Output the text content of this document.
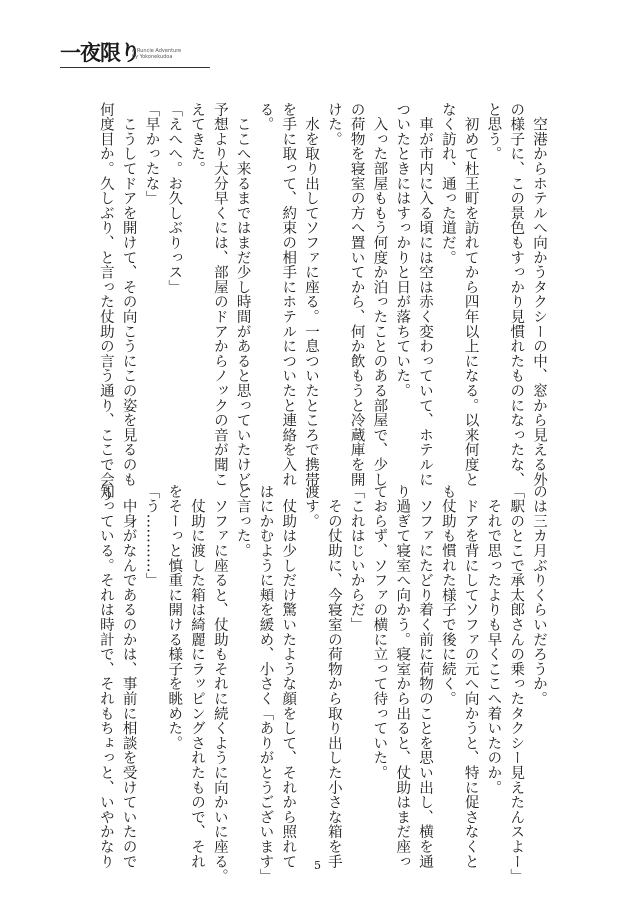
一夜限り
A Runcie Adventure
by Yokonekudoa
　空港からホテルへ向かうタクシーの中、窓から見える外
の様子に、この景色もすっかり見慣れたものになったな、
と思う。
　初めて杜王町を訪れてから四年以上になる。以来何度と
なく訪れ、通った道だ。
　車が市内に入る頃には空は赤く変わっていて、ホテルに
ついたときにはすっかりと日が落ちていた。
　入った部屋ももう何度か泊ったことのある部屋で、少し
の荷物を寝室の方へ置いてから、何か飲もうと冷蔵庫を開
けた。
　水を取り出してソファに座る。一息ついたところで携帯
を手に取って、約束の相手にホテルについたと連絡を入れ
る。
　ここへ来るまではまだ少し時間があると思っていたけど、
予想より大分早くには、部屋のドアからノックの音が聞こ
えてきた。
「えへへ。お久しぶりっス」
「早かったな」
　こうしてドアを開けて、その向こうにこの姿を見るのも
何度目か。久しぶり、と言った仗助の言う通り、ここで会う
のは三カ月ぶりくらいだろうか。
「駅のとこで承太郎さんの乗ったタクシー見えたんスよー」
　それで思ったよりも早くここへ着いたのか。
　ドアを背にしてソファの元へ向かうと、特に促さなくと
も仗助も慣れた様子で後に続く。
　ソファにたどり着く前に荷物のことを思い出し、横を通
り過ぎて寝室へ向かう。寝室から出ると、仗助はまだ座っ
ておらず、ソファの横に立って待っていた。
「これはじいからだ」
　その仗助に、今寝室の荷物から取り出した小さな箱を手
渡す。
　仗助は少しだけ驚いたような顔をして、それから照れて
はにかむように頬を緩め、小さく「ありがとうございます」
と言った。
　ソファに座ると、仗助もそれに続くように向かいに座る。
　仗助に渡した箱は綺麗にラッピングされたもので、それ
をそーっと慎重に開ける様子を眺めた。
「う…………」
　中身がなんであるのかは、事前に相談を受けていたので
知っている。それは時計で、それもちょっと、いやかなり	5
